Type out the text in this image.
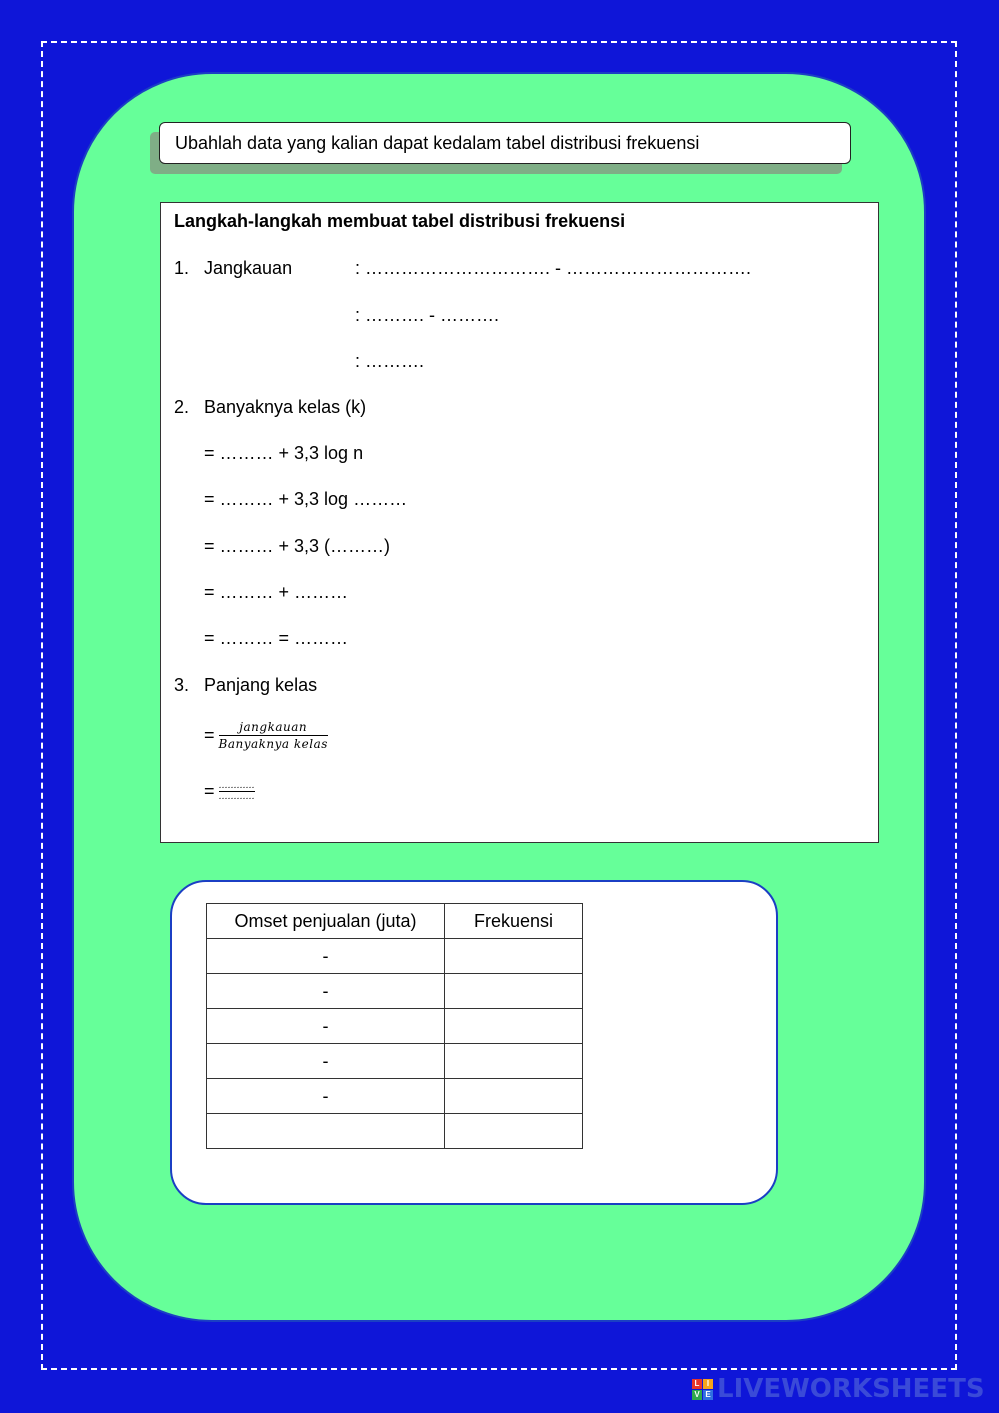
Ubahlah data yang kalian dapat kedalam tabel distribusi frekuensi
Langkah-langkah membuat tabel distribusi frekuensi
1. Jangkauan	: …………………………. - ………………………….
: ………. - ……….
: ……….
2. Banyaknya kelas (k)
= ……… + 3,3 log n
= ……… + 3,3 log ………
= ……… + 3,3 (………)
= ……… + ………
= ……… = ………
3. Panjang kelas
= $\frac{\text{jangkauan}}{\text{Banyaknya kelas}}$
= $\frac{\dots\dots\dots\dots}{\dots\dots\dots\dots}$
Omset penjualan (juta)	Frekuensi
-	
-	
-	
-	
-	

L I
V E LIVEWORKSHEETS
